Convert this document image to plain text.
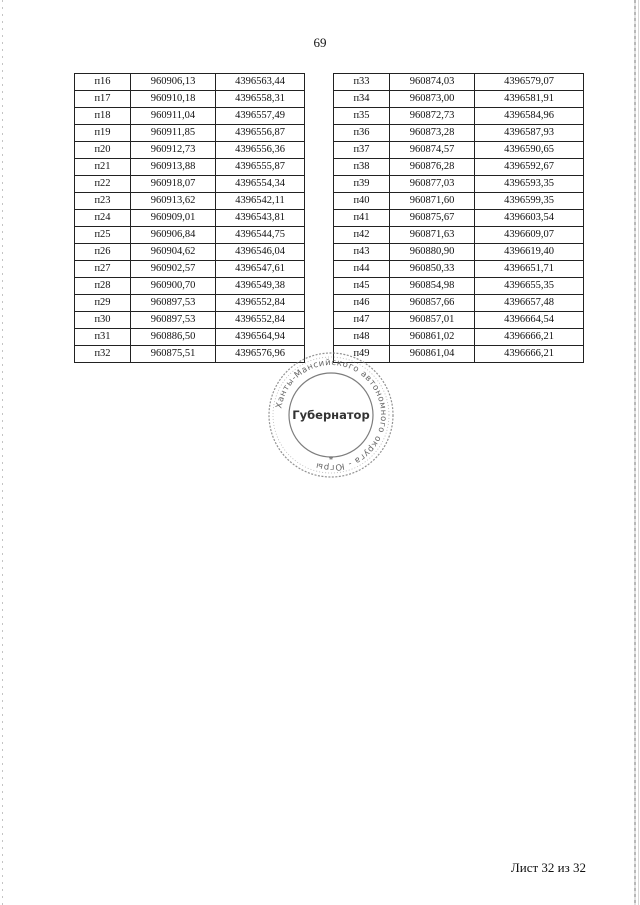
69
п16	960906,13	4396563,44
п17	960910,18	4396558,31
п18	960911,04	4396557,49
п19	960911,85	4396556,87
п20	960912,73	4396556,36
п21	960913,88	4396555,87
п22	960918,07	4396554,34
п23	960913,62	4396542,11
п24	960909,01	4396543,81
п25	960906,84	4396544,75
п26	960904,62	4396546,04
п27	960902,57	4396547,61
п28	960900,70	4396549,38
п29	960897,53	4396552,84
п30	960897,53	4396552,84
п31	960886,50	4396564,94
п32	960875,51	4396576,96
п33	960874,03	4396579,07
п34	960873,00	4396581,91
п35	960872,73	4396584,96
п36	960873,28	4396587,93
п37	960874,57	4396590,65
п38	960876,28	4396592,67
п39	960877,03	4396593,35
п40	960871,60	4396599,35
п41	960875,67	4396603,54
п42	960871,63	4396609,07
п43	960880,90	4396619,40
п44	960850,33	4396651,71
п45	960854,98	4396655,35
п46	960857,66	4396657,48
п47	960857,01	4396664,54
п48	960861,02	4396666,21
п49	960861,04	4396666,21
Ханты-Мансийского автономного округа - Югры *
Губернатор
Лист 32 из 32
